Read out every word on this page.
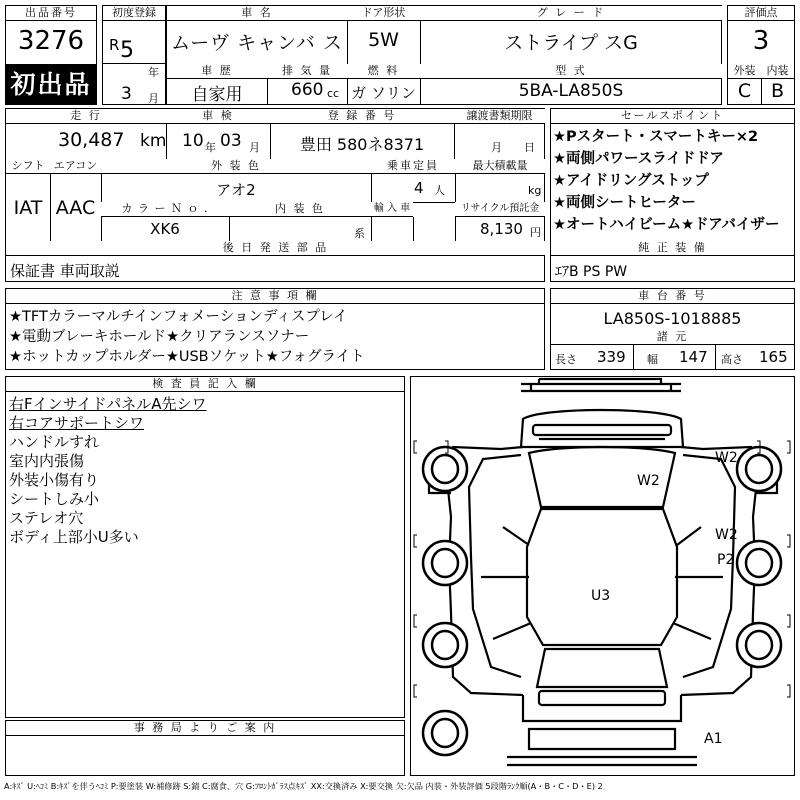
出品番号
3276
初出品
初度登録
R 5
年
3 月
車 名
ムーヴ キャンバ ス
ドア形状
5W
グ レ ー ド
ストライプ スG
車 歴
自家用
排 気 量
660 cc
燃 料
ガ ソリン
型 式
5BA-LA850S
評価点
3
外装	内装
C	B
走 行
30,487 km
車 検
10 年 03 月
登 録 番 号
豊田 580ネ8371
譲渡書類期限
月 日
シフト
IAT
エアコン
AAC
外 装 色
アオ2
乗車定員
4 人
最大積載量
kg
カ ラ ー Ｎ ｏ .
XK6
内 装 色
系
輸 入 車	リサイクル預託金
8,130 円
後 日 発 送 部 品
保証書 車両取説
セールスポイント
★Pスタート・スマートキー×2
★両側パワースライドドア
★アイドリングストップ
★両側シートヒーター
★オートハイビーム★ドアバイザー
純 正 装 備
ｴｱB PS PW
注 意 事 項 欄
★TFTカラーマルチインフォメーションディスプレイ
★電動ブレーキホールド★クリアランスソナー
★ホットカップホルダー★USBソケット★フォグライト
車 台 番 号
LA850S-1018885
諸 元
長さ 339 幅 147 高さ 165
検 査 員 記 入 欄
右FインサイドパネルA先シワ
右コアサポートシワ
ハンドルすれ
室内内張傷
外装小傷有り
シートしみ小
ステレオ穴
ボディ上部小U多い
事 務 局 よ り ご 案 内
W2
W2
W2
P2
U3
A1
A:ｷｽﾞ U:ﾍｺﾐ B:ｷｽﾞを伴うﾍｺﾐ P:要塗装 W:補修跡 S:錆 C:腐食、穴 G:ﾌﾛﾝﾄｶﾞﾗｽ点ｷｽﾞ XX:交換済み X:要交換 欠:欠品 内装・外装評価 5段階ﾗﾝｸ順(A・B・C・D・E) 2
